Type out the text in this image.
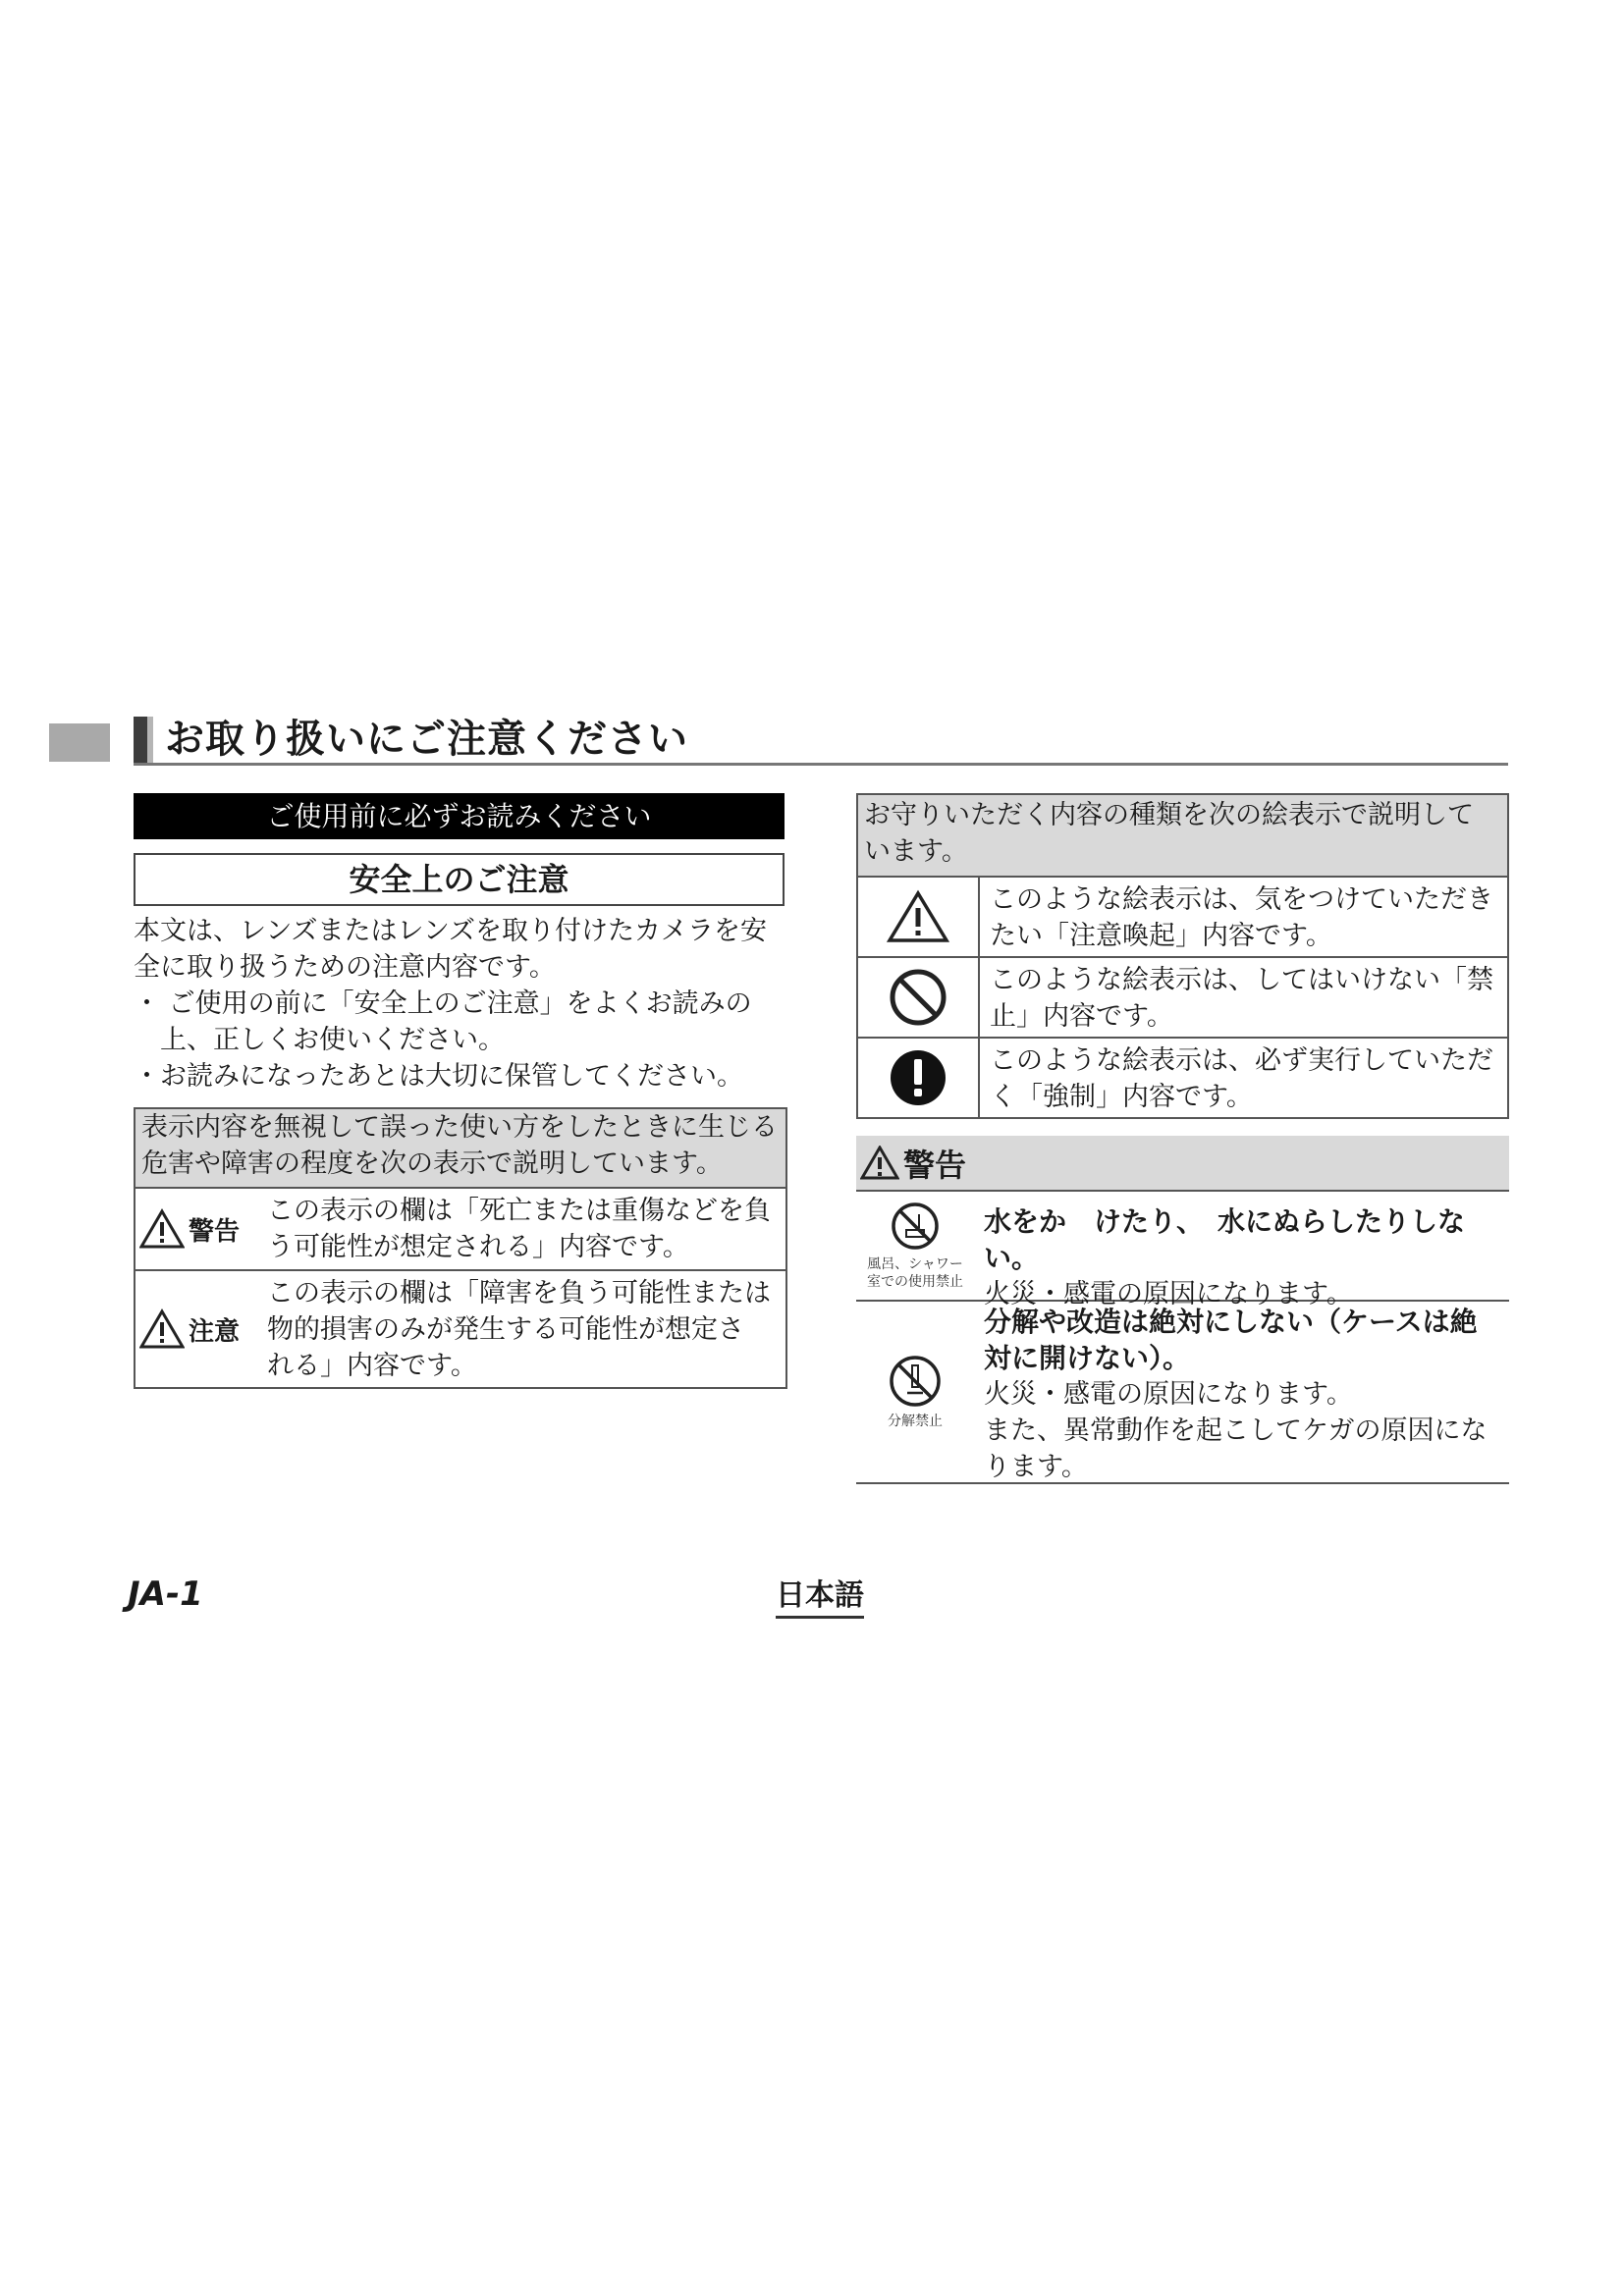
お取り扱いにご注意ください
ご使用前に必ずお読みください
安全上のご注意
本文は、レンズまたはレンズを取り付けたカメラを安
全に取り扱うための注意内容です。
・ ご使用の前に「安全上のご注意」をよくお読みの
　上、正しくお使いください。
・お読みになったあとは大切に保管してください。
表示内容を無視して誤った使い方をしたときに生じる
危害や障害の程度を次の表示で説明しています。
警告
この表示の欄は「死亡または重傷などを負
う可能性が想定される」内容です。
注意
この表示の欄は「障害を負う可能性または
物的損害のみが発生する可能性が想定さ
れる」内容です。
お守りいただく内容の種類を次の絵表示で説明して
います。
このような絵表示は、気をつけていただき
たい「注意喚起」内容です。
このような絵表示は、してはいけない「禁
止」内容です。
このような絵表示は、必ず実行していただ
く「強制」内容です。
警告
風呂、シャワー
室での使用禁止
水をか　けたり、　水にぬらしたりしな　い。
火災・感電の原因になります。
分解禁止
分解や改造は絶対にしない（ケースは絶
対に開けない）。
火災・感電の原因になります。
また、異常動作を起こしてケガの原因にな
ります。
JA-1	日本語
